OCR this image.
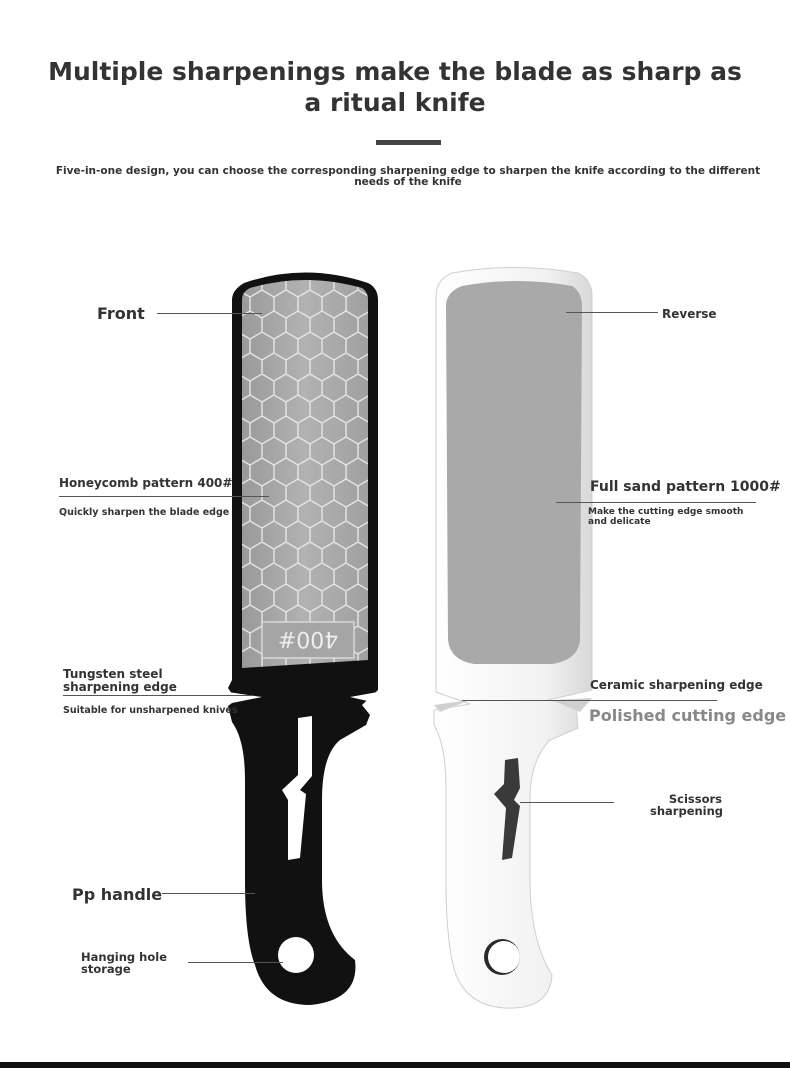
Multiple sharpenings make the blade as sharp as a ritual knife
Five-in-one design, you can choose the corresponding sharpening edge to sharpen the knife according to the different needs of the knife
400#
Front
Honeycomb pattern 400#
Quickly sharpen the blade edge
Tungsten steel sharpening edge
Suitable for unsharpened knives
Pp handle
Hanging hole storage
Reverse
Full sand pattern 1000#
Make the cutting edge smooth and delicate
Ceramic sharpening edge
Polished cutting edge
Scissors sharpening
